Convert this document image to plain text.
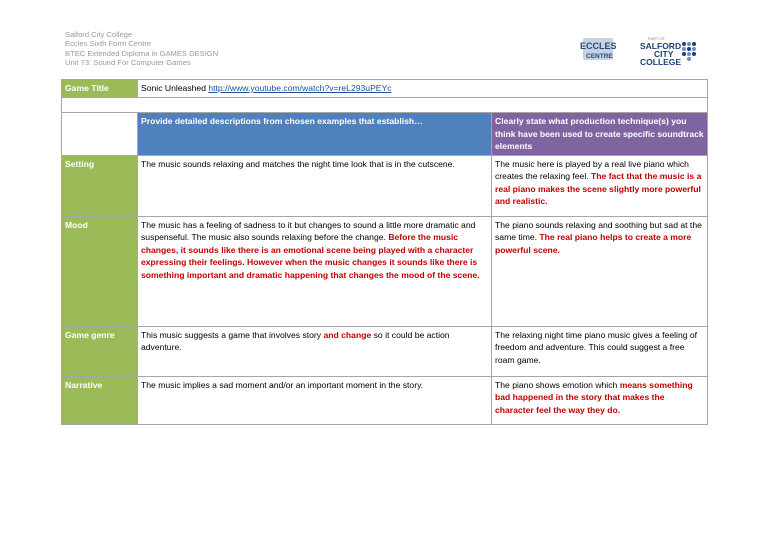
Salford City College
Eccles Sixth Form Centre
BTEC Extended Diploma in GAMES DESIGN
Unit 73: Sound For Computer Games
ECCLES
CENTRE
PART OF
SALFORD
CITY
COLLEGE
Game Title	Sonic Unleashed http://www.youtube.com/watch?v=reL293uPEYc	

	Provide detailed descriptions from chosen examples that establish…	Clearly state what production technique(s) you think have been used to create specific soundtrack elements
Setting	The music sounds relaxing and matches the night time look that is in the cutscene.	The music here is played by a real live piano which creates the relaxing feel. The fact that the music is a real piano makes the scene slightly more powerful and realistic.
Mood	The music has a feeling of sadness to it but changes to sound a little more dramatic and suspenseful. The music also sounds relaxing before the change. Before the music changes, it sounds like there is an emotional scene being played with a character expressing their feelings. However when the music changes it sounds like there is something important and dramatic happening that changes the mood of the scene.	The piano sounds relaxing and soothing but sad at the same time. The real piano helps to create a more powerful scene.
Game genre	This music suggests a game that involves story and change so it could be action adventure.	The relaxing night time piano music gives a feeling of freedom and adventure. This could suggest a free roam game.
Narrative	The music implies a sad moment and/or an important moment in the story.	The piano shows emotion which means something bad happened in the story that makes the character feel the way they do.
